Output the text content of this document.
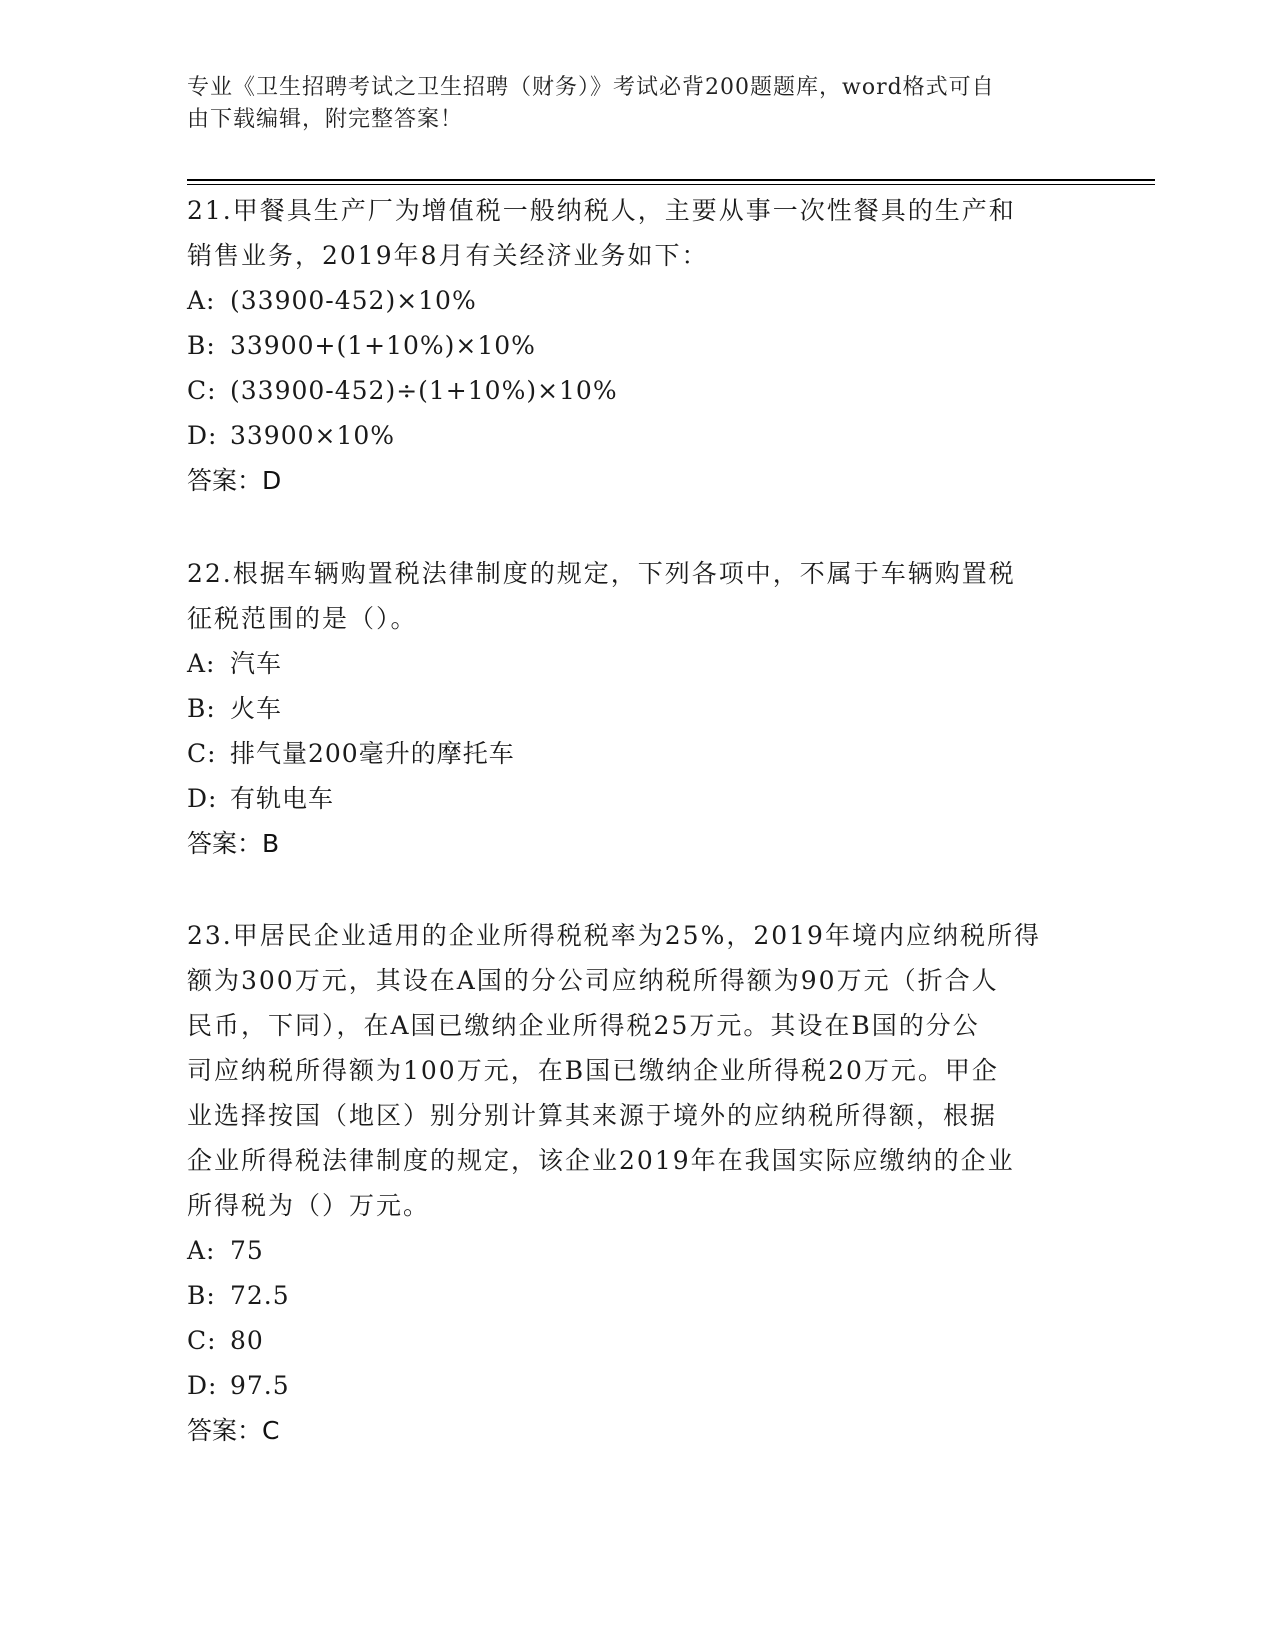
专业《卫生招聘考试之卫生招聘（财务）》考试必背200题题库，word格式可自
由下载编辑，附完整答案！

21.甲餐具生产厂为增值税一般纳税人，主要从事一次性餐具的生产和

销售业务，2019年8月有关经济业务如下：

A: (33900-452)×10%

B: 33900+(1+10%)×10%

C: (33900-452)÷(1+10%)×10%

D: 33900×10%

答案：D

22.根据车辆购置税法律制度的规定，下列各项中，不属于车辆购置税

征税范围的是（）。

A: 汽车

B: 火车

C: 排气量200毫升的摩托车

D: 有轨电车

答案：B

23.甲居民企业适用的企业所得税税率为25%，2019年境内应纳税所得

额为300万元，其设在A国的分公司应纳税所得额为90万元（折合人

民币，下同），在A国已缴纳企业所得税25万元。其设在B国的分公

司应纳税所得额为100万元，在B国已缴纳企业所得税20万元。甲企

业选择按国（地区）别分别计算其来源于境外的应纳税所得额，根据

企业所得税法律制度的规定，该企业2019年在我国实际应缴纳的企业

所得税为（）万元。

A: 75

B: 72.5

C: 80

D: 97.5

答案：C
